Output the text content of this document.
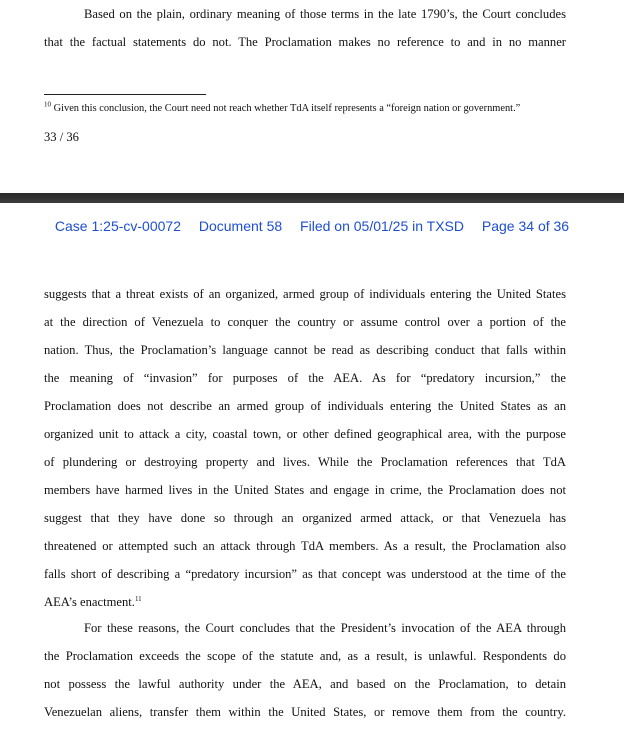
Based on the plain, ordinary meaning of those terms in the late 1790’s, the Court concludes
that the factual statements do not. The Proclamation makes no reference to and in no manner
$^{10}$ Given this conclusion, the Court need not reach whether TdA itself represents a “foreign nation or government.”
33 / 36
Case 1:25-cv-00072 Document 58 Filed on 05/01/25 in TXSD Page 34 of 36
suggests that a threat exists of an organized, armed group of individuals entering the United States
at the direction of Venezuela to conquer the country or assume control over a portion of the
nation. Thus, the Proclamation’s language cannot be read as describing conduct that falls within
the meaning of “invasion” for purposes of the AEA. As for “predatory incursion,” the
Proclamation does not describe an armed group of individuals entering the United States as an
organized unit to attack a city, coastal town, or other defined geographical area, with the purpose
of plundering or destroying property and lives. While the Proclamation references that TdA
members have harmed lives in the United States and engage in crime, the Proclamation does not
suggest that they have done so through an organized armed attack, or that Venezuela has
threatened or attempted such an attack through TdA members. As a result, the Proclamation also
falls short of describing a “predatory incursion” as that concept was understood at the time of the
AEA’s enactment.$^{11}$
For these reasons, the Court concludes that the President’s invocation of the AEA through
the Proclamation exceeds the scope of the statute and, as a result, is unlawful. Respondents do
not possess the lawful authority under the AEA, and based on the Proclamation, to detain
Venezuelan aliens, transfer them within the United States, or remove them from the country.
